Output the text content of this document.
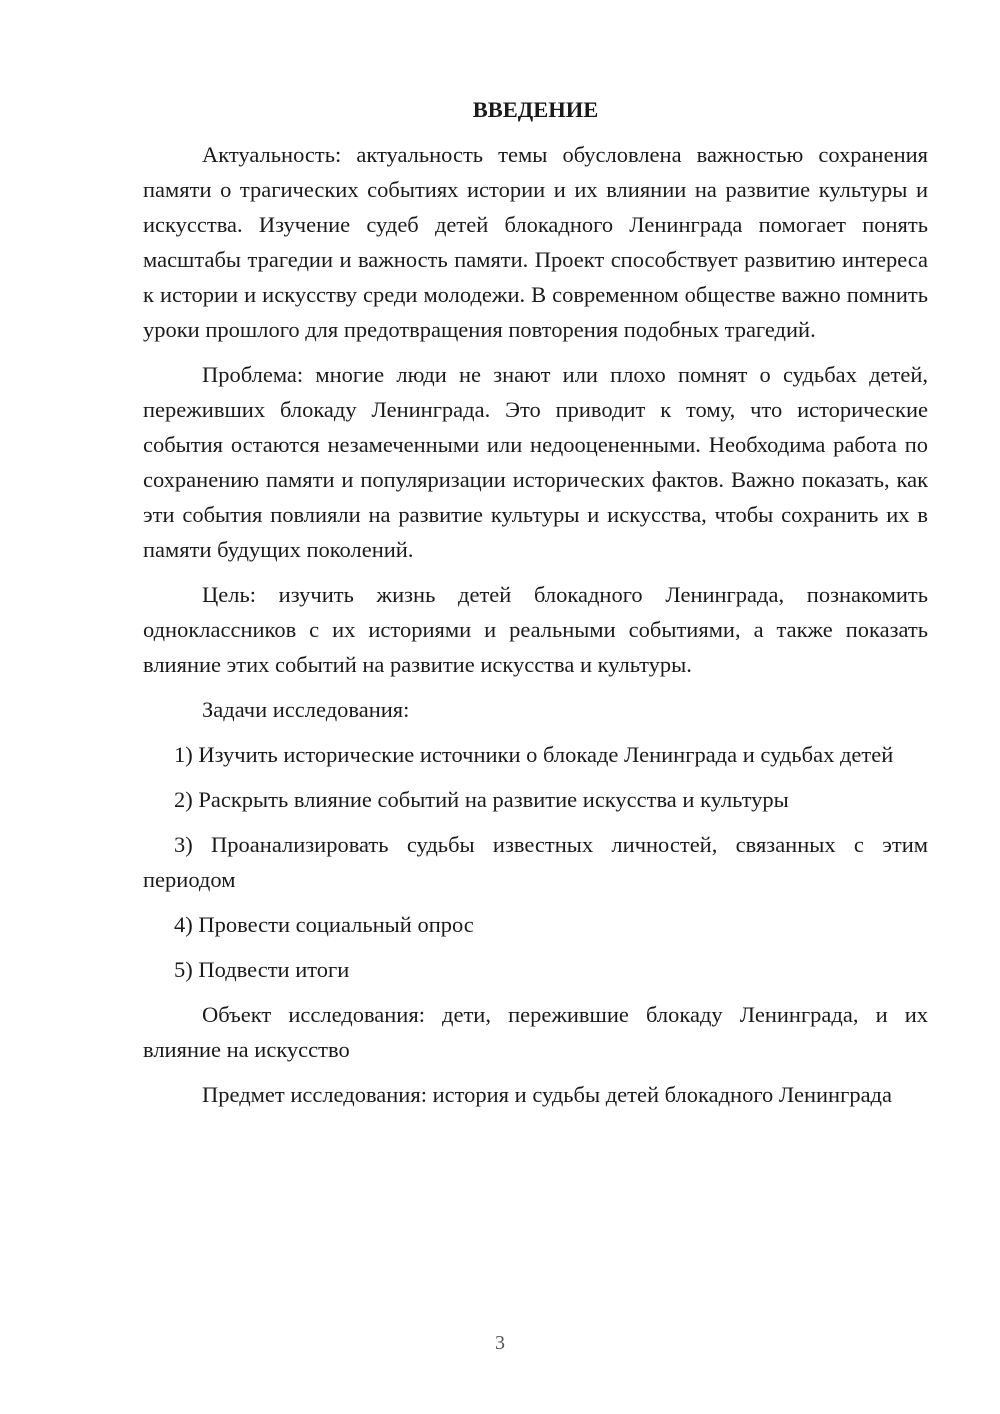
ВВЕДЕНИЕ

Актуальность: актуальность темы обусловлена важностью сохранения памяти о трагических событиях истории и их влиянии на развитие культуры и искусства. Изучение судеб детей блокадного Ленинграда помогает понять масштабы трагедии и важность памяти. Проект способствует развитию интереса к истории и искусству среди молодежи. В современном обществе важно помнить уроки прошлого для предотвращения повторения подобных трагедий.

Проблема: многие люди не знают или плохо помнят о судьбах детей, переживших блокаду Ленинграда. Это приводит к тому, что исторические события остаются незамеченными или недооцененными. Необходима работа по сохранению памяти и популяризации исторических фактов. Важно показать, как эти события повлияли на развитие культуры и искусства, чтобы сохранить их в памяти будущих поколений.

Цель: изучить жизнь детей блокадного Ленинграда, познакомить одноклассников с их историями и реальными событиями, а также показать влияние этих событий на развитие искусства и культуры.

Задачи исследования:

1) Изучить исторические источники о блокаде Ленинграда и судьбах детей

2) Раскрыть влияние событий на развитие искусства и культуры

3) Проанализировать судьбы известных личностей, связанных с этим периодом

4) Провести социальный опрос

5) Подвести итоги

Объект исследования: дети, пережившие блокаду Ленинграда, и их влияние на искусство

Предмет исследования: история и судьбы детей блокадного Ленинграда

3
